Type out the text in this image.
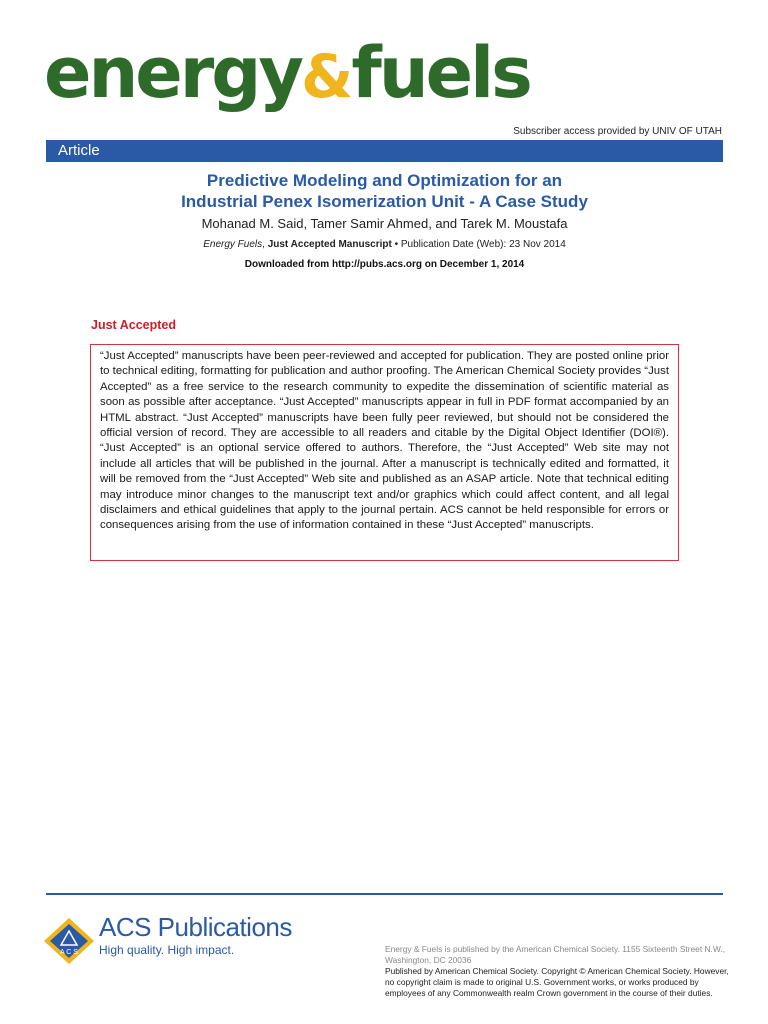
energy&fuels
Subscriber access provided by UNIV OF UTAH
Article
Predictive Modeling and Optimization for an
Industrial Penex Isomerization Unit - A Case Study
Mohanad M. Said, Tamer Samir Ahmed, and Tarek M. Moustafa
Energy Fuels, Just Accepted Manuscript • Publication Date (Web): 23 Nov 2014
Downloaded from http://pubs.acs.org on December 1, 2014
Just Accepted
“Just Accepted” manuscripts have been peer-reviewed and accepted for publication. They are posted online prior to technical editing, formatting for publication and author proofing. The American Chemical Society provides “Just Accepted” as a free service to the research community to expedite the dissemination of scientific material as soon as possible after acceptance. “Just Accepted” manuscripts appear in full in PDF format accompanied by an HTML abstract. “Just Accepted” manuscripts have been fully peer reviewed, but should not be considered the official version of record. They are accessible to all readers and citable by the Digital Object Identifier (DOI®). “Just Accepted” is an optional service offered to authors. Therefore, the “Just Accepted” Web site may not include all articles that will be published in the journal. After a manuscript is technically edited and formatted, it will be removed from the “Just Accepted” Web site and published as an ASAP article. Note that technical editing may introduce minor changes to the manuscript text and/or graphics which could affect content, and all legal disclaimers and ethical guidelines that apply to the journal pertain. ACS cannot be held responsible for errors or consequences arising from the use of information contained in these “Just Accepted” manuscripts.
A C S
ACS Publications
High quality. High impact.	Energy & Fuels is published by the American Chemical Society. 1155 Sixteenth Street N.W., Washington, DC 20036
Published by American Chemical Society. Copyright © American Chemical Society. However, no copyright claim is made to original U.S. Government works, or works produced by employees of any Commonwealth realm Crown government in the course of their duties.
